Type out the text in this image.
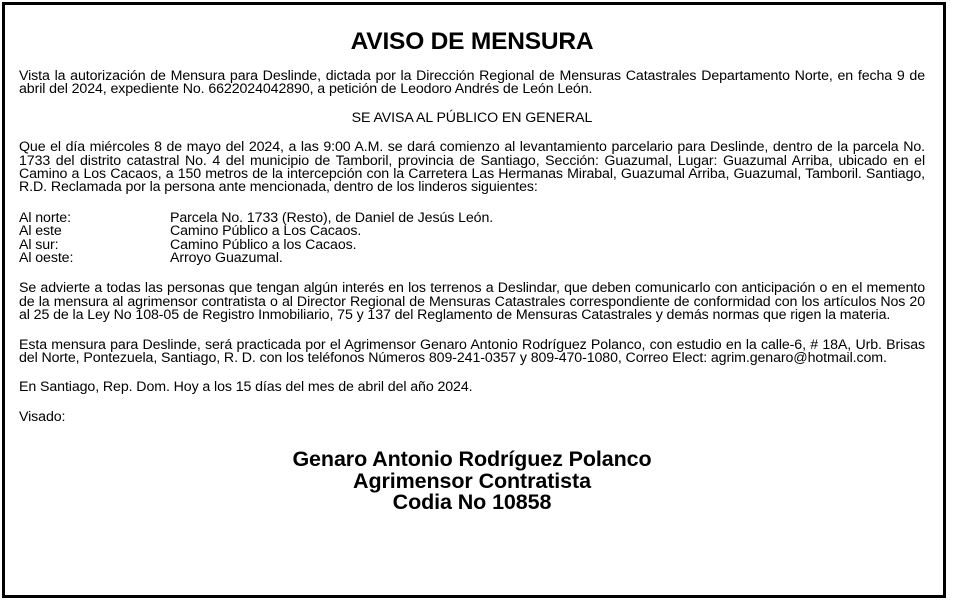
AVISO DE MENSURA

Vista la autorización de Mensura para Deslinde, dictada por la Dirección Regional de Mensuras Catastrales Departamento Norte, en fecha 9 de abril del 2024, expediente No. 6622024042890, a petición de Leodoro Andrés de León León.

SE AVISA AL PÚBLICO EN GENERAL

Que el día miércoles 8 de mayo del 2024, a las 9:00 A.M. se dará comienzo al levantamiento parcelario para Deslinde, dentro de la parcela No. 1733 del distrito catastral No. 4 del municipio de Tamboril, provincia de Santiago, Sección: Guazumal, Lugar: Guazumal Arriba, ubicado en el Camino a Los Cacaos, a 150 metros de la intercepción con la Carretera Las Hermanas Mirabal, Guazumal Arriba, Guazumal, Tamboril. Santiago, R.D. Reclamada por la persona ante mencionada, dentro de los linderos siguientes:

Al norte:	Parcela No. 1733 (Resto), de Daniel de Jesús León.
Al este	Camino Público a Los Cacaos.
Al sur:	Camino Público a los Cacaos.
Al oeste:	Arroyo Guazumal.

Se advierte a todas las personas que tengan algún interés en los terrenos a Deslindar, que deben comunicarlo con anticipación o en el memento de la mensura al agrimensor contratista o al Director Regional de Mensuras Catastrales correspondiente de conformidad con los artículos Nos 20 al 25 de la Ley No 108-05 de Registro Inmobiliario, 75 y 137 del Reglamento de Mensuras Catastrales y demás normas que rigen la materia.

Esta mensura para Deslinde, será practicada por el Agrimensor Genaro Antonio Rodríguez Polanco, con estudio en la calle-6, # 18A, Urb. Brisas del Norte, Pontezuela, Santiago, R. D. con los teléfonos Números 809-241-0357 y 809-470-1080, Correo Elect: agrim.genaro@hotmail.com.

En Santiago, Rep. Dom. Hoy a los 15 días del mes de abril del año 2024.

Visado:

Genaro Antonio Rodríguez Polanco
Agrimensor Contratista
Codia No 10858
